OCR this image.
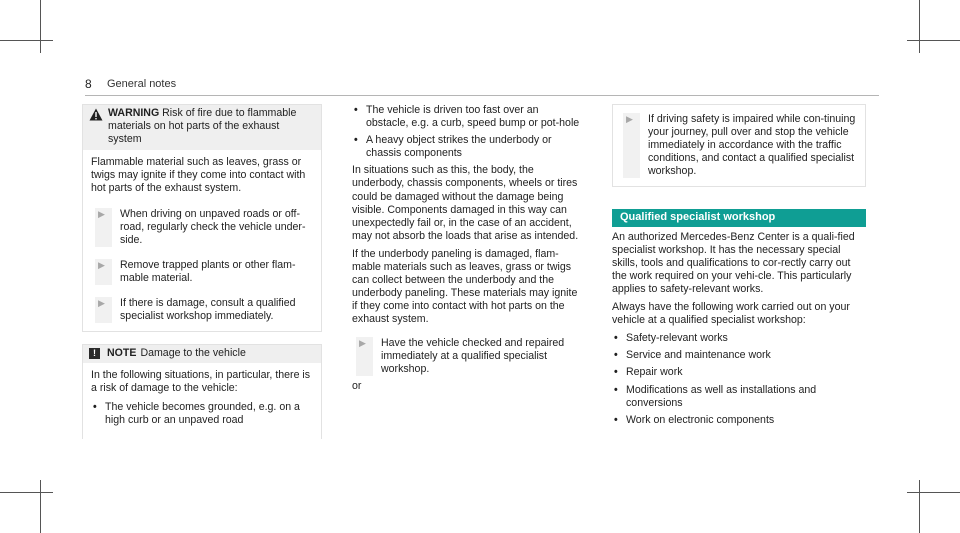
8 General notes
WARNING Risk of fire due to flammable materials on hot parts of the exhaust system

Flammable material such as leaves, grass or twigs may ignite if they come into contact with hot parts of the exhaust system.

▶	When driving on unpaved roads or off-road, regularly check the vehicle under-side.
▶	Remove trapped plants or other flam-mable material.
▶	If there is damage, consult a qualified specialist workshop immediately.
!	NOTE Damage to the vehicle

In the following situations, in particular, there is a risk of damage to the vehicle:

• The vehicle becomes grounded, e.g. on a high curb or an unpaved road
• The vehicle is driven too fast over an obstacle, e.g. a curb, speed bump or pot-hole
• A heavy object strikes the underbody or chassis components

In situations such as this, the body, the underbody, chassis components, wheels or tires could be damaged without the damage being visible. Components damaged in this way can unexpectedly fail or, in the case of an accident, may not absorb the loads that arise as intended.

If the underbody paneling is damaged, flam-mable materials such as leaves, grass or twigs can collect between the underbody and the underbody paneling. These materials may ignite if they come into contact with hot parts on the exhaust system.

▶	Have the vehicle checked and repaired immediately at a qualified specialist workshop.

or

▶	If driving safety is impaired while con-tinuing your journey, pull over and stop the vehicle immediately in accordance with the traffic conditions, and contact a qualified specialist workshop.
Qualified specialist workshop

An authorized Mercedes-Benz Center is a quali-fied specialist workshop. It has the necessary special skills, tools and qualifications to cor-rectly carry out the work required on your vehi-cle. This particularly applies to safety-relevant works.

Always have the following work carried out on your vehicle at a qualified specialist workshop:

• Safety-relevant works
• Service and maintenance work
• Repair work
• Modifications as well as installations and conversions
• Work on electronic components
